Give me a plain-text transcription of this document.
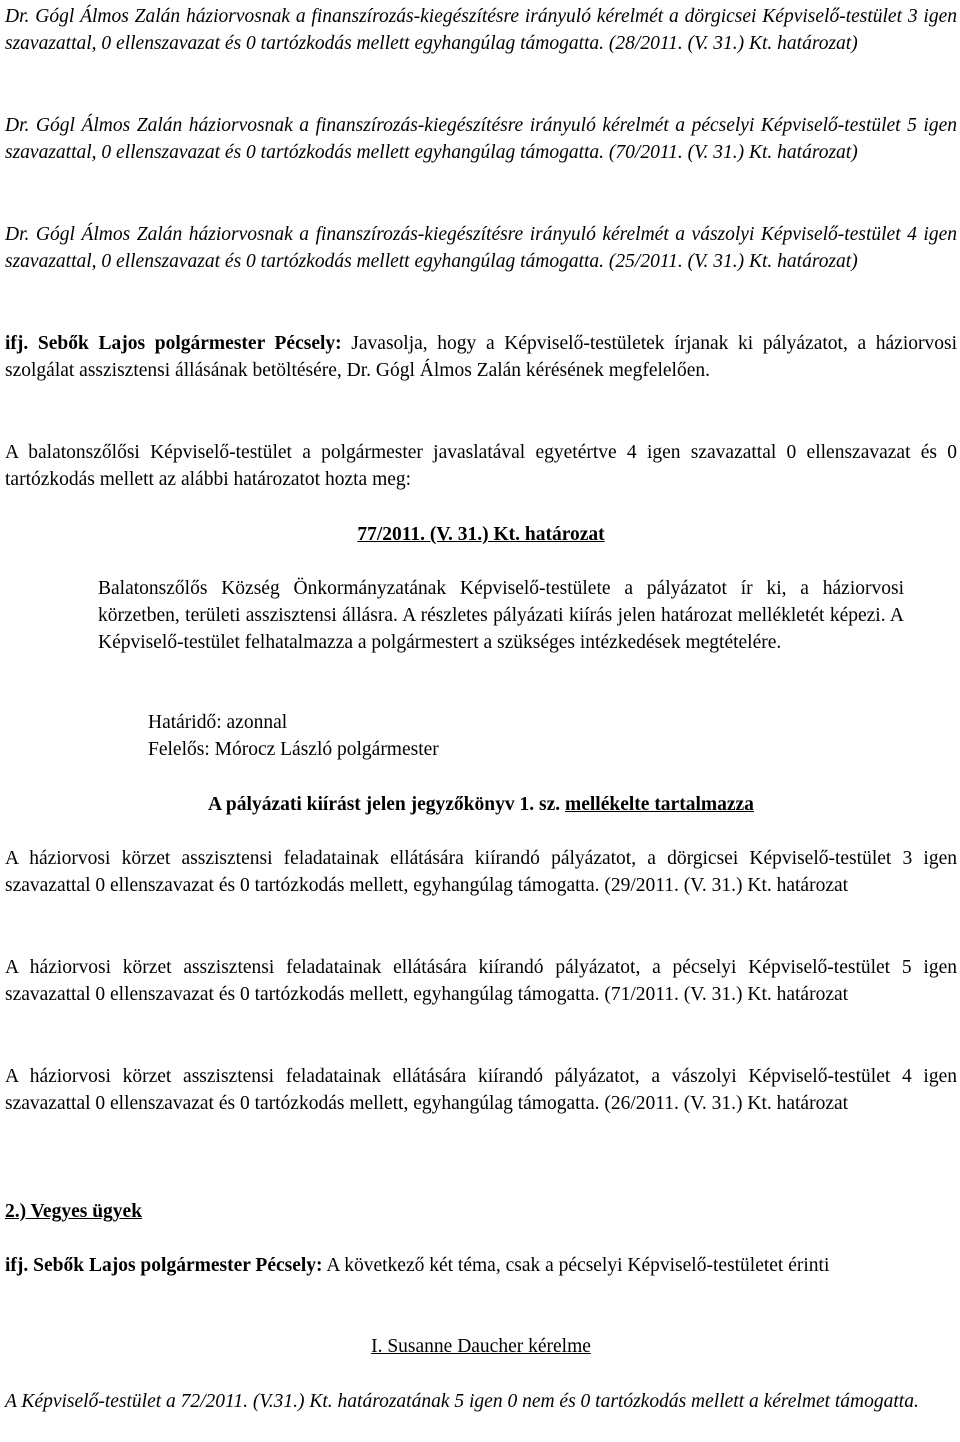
Dr. Gógl Álmos Zalán háziorvosnak a finanszírozás-kiegészítésre irányuló kérelmét a dörgicsei Képviselő-testület 3 igen szavazattal, 0 ellenszavazat és 0 tartózkodás mellett egyhangúlag támogatta. (28/2011. (V. 31.) Kt. határozat)

Dr. Gógl Álmos Zalán háziorvosnak a finanszírozás-kiegészítésre irányuló kérelmét a pécselyi Képviselő-testület 5 igen szavazattal, 0 ellenszavazat és 0 tartózkodás mellett egyhangúlag támogatta. (70/2011. (V. 31.) Kt. határozat)

Dr. Gógl Álmos Zalán háziorvosnak a finanszírozás-kiegészítésre irányuló kérelmét a vászolyi Képviselő-testület 4 igen szavazattal, 0 ellenszavazat és 0 tartózkodás mellett egyhangúlag támogatta. (25/2011. (V. 31.) Kt. határozat)

ifj. Sebők Lajos polgármester Pécsely: Javasolja, hogy a Képviselő-testületek írjanak ki pályázatot, a háziorvosi szolgálat asszisztensi állásának betöltésére, Dr. Gógl Álmos Zalán kérésének megfelelően.

A balatonszőlősi Képviselő-testület a polgármester javaslatával egyetértve 4 igen szavazattal 0 ellenszavazat és 0 tartózkodás mellett az alábbi határozatot hozta meg:

77/2011. (V. 31.) Kt. határozat

Balatonszőlős Község Önkormányzatának Képviselő-testülete a pályázatot ír ki, a háziorvosi körzetben, területi asszisztensi állásra. A részletes pályázati kiírás jelen határozat mellékletét képezi. A Képviselő-testület felhatalmazza a polgármestert a szükséges intézkedések megtételére.

Határidő: azonnal

Felelős: Mórocz László polgármester

A pályázati kiírást jelen jegyzőkönyv 1. sz. mellékelte tartalmazza

A háziorvosi körzet asszisztensi feladatainak ellátására kiírandó pályázatot, a dörgicsei Képviselő-testület 3 igen szavazattal 0 ellenszavazat és 0 tartózkodás mellett, egyhangúlag támogatta. (29/2011. (V. 31.) Kt. határozat

A háziorvosi körzet asszisztensi feladatainak ellátására kiírandó pályázatot, a pécselyi Képviselő-testület 5 igen szavazattal 0 ellenszavazat és 0 tartózkodás mellett, egyhangúlag támogatta. (71/2011. (V. 31.) Kt. határozat

A háziorvosi körzet asszisztensi feladatainak ellátására kiírandó pályázatot, a vászolyi Képviselő-testület 4 igen szavazattal 0 ellenszavazat és 0 tartózkodás mellett, egyhangúlag támogatta. (26/2011. (V. 31.) Kt. határozat

2.) Vegyes ügyek

ifj. Sebők Lajos polgármester Pécsely: A következő két téma, csak a pécselyi Képviselő-testületet érinti

I. Susanne Daucher kérelme

A Képviselő-testület a 72/2011. (V.31.) Kt. határozatának 5 igen 0 nem és 0 tartózkodás mellett a kérelmet támogatta.
